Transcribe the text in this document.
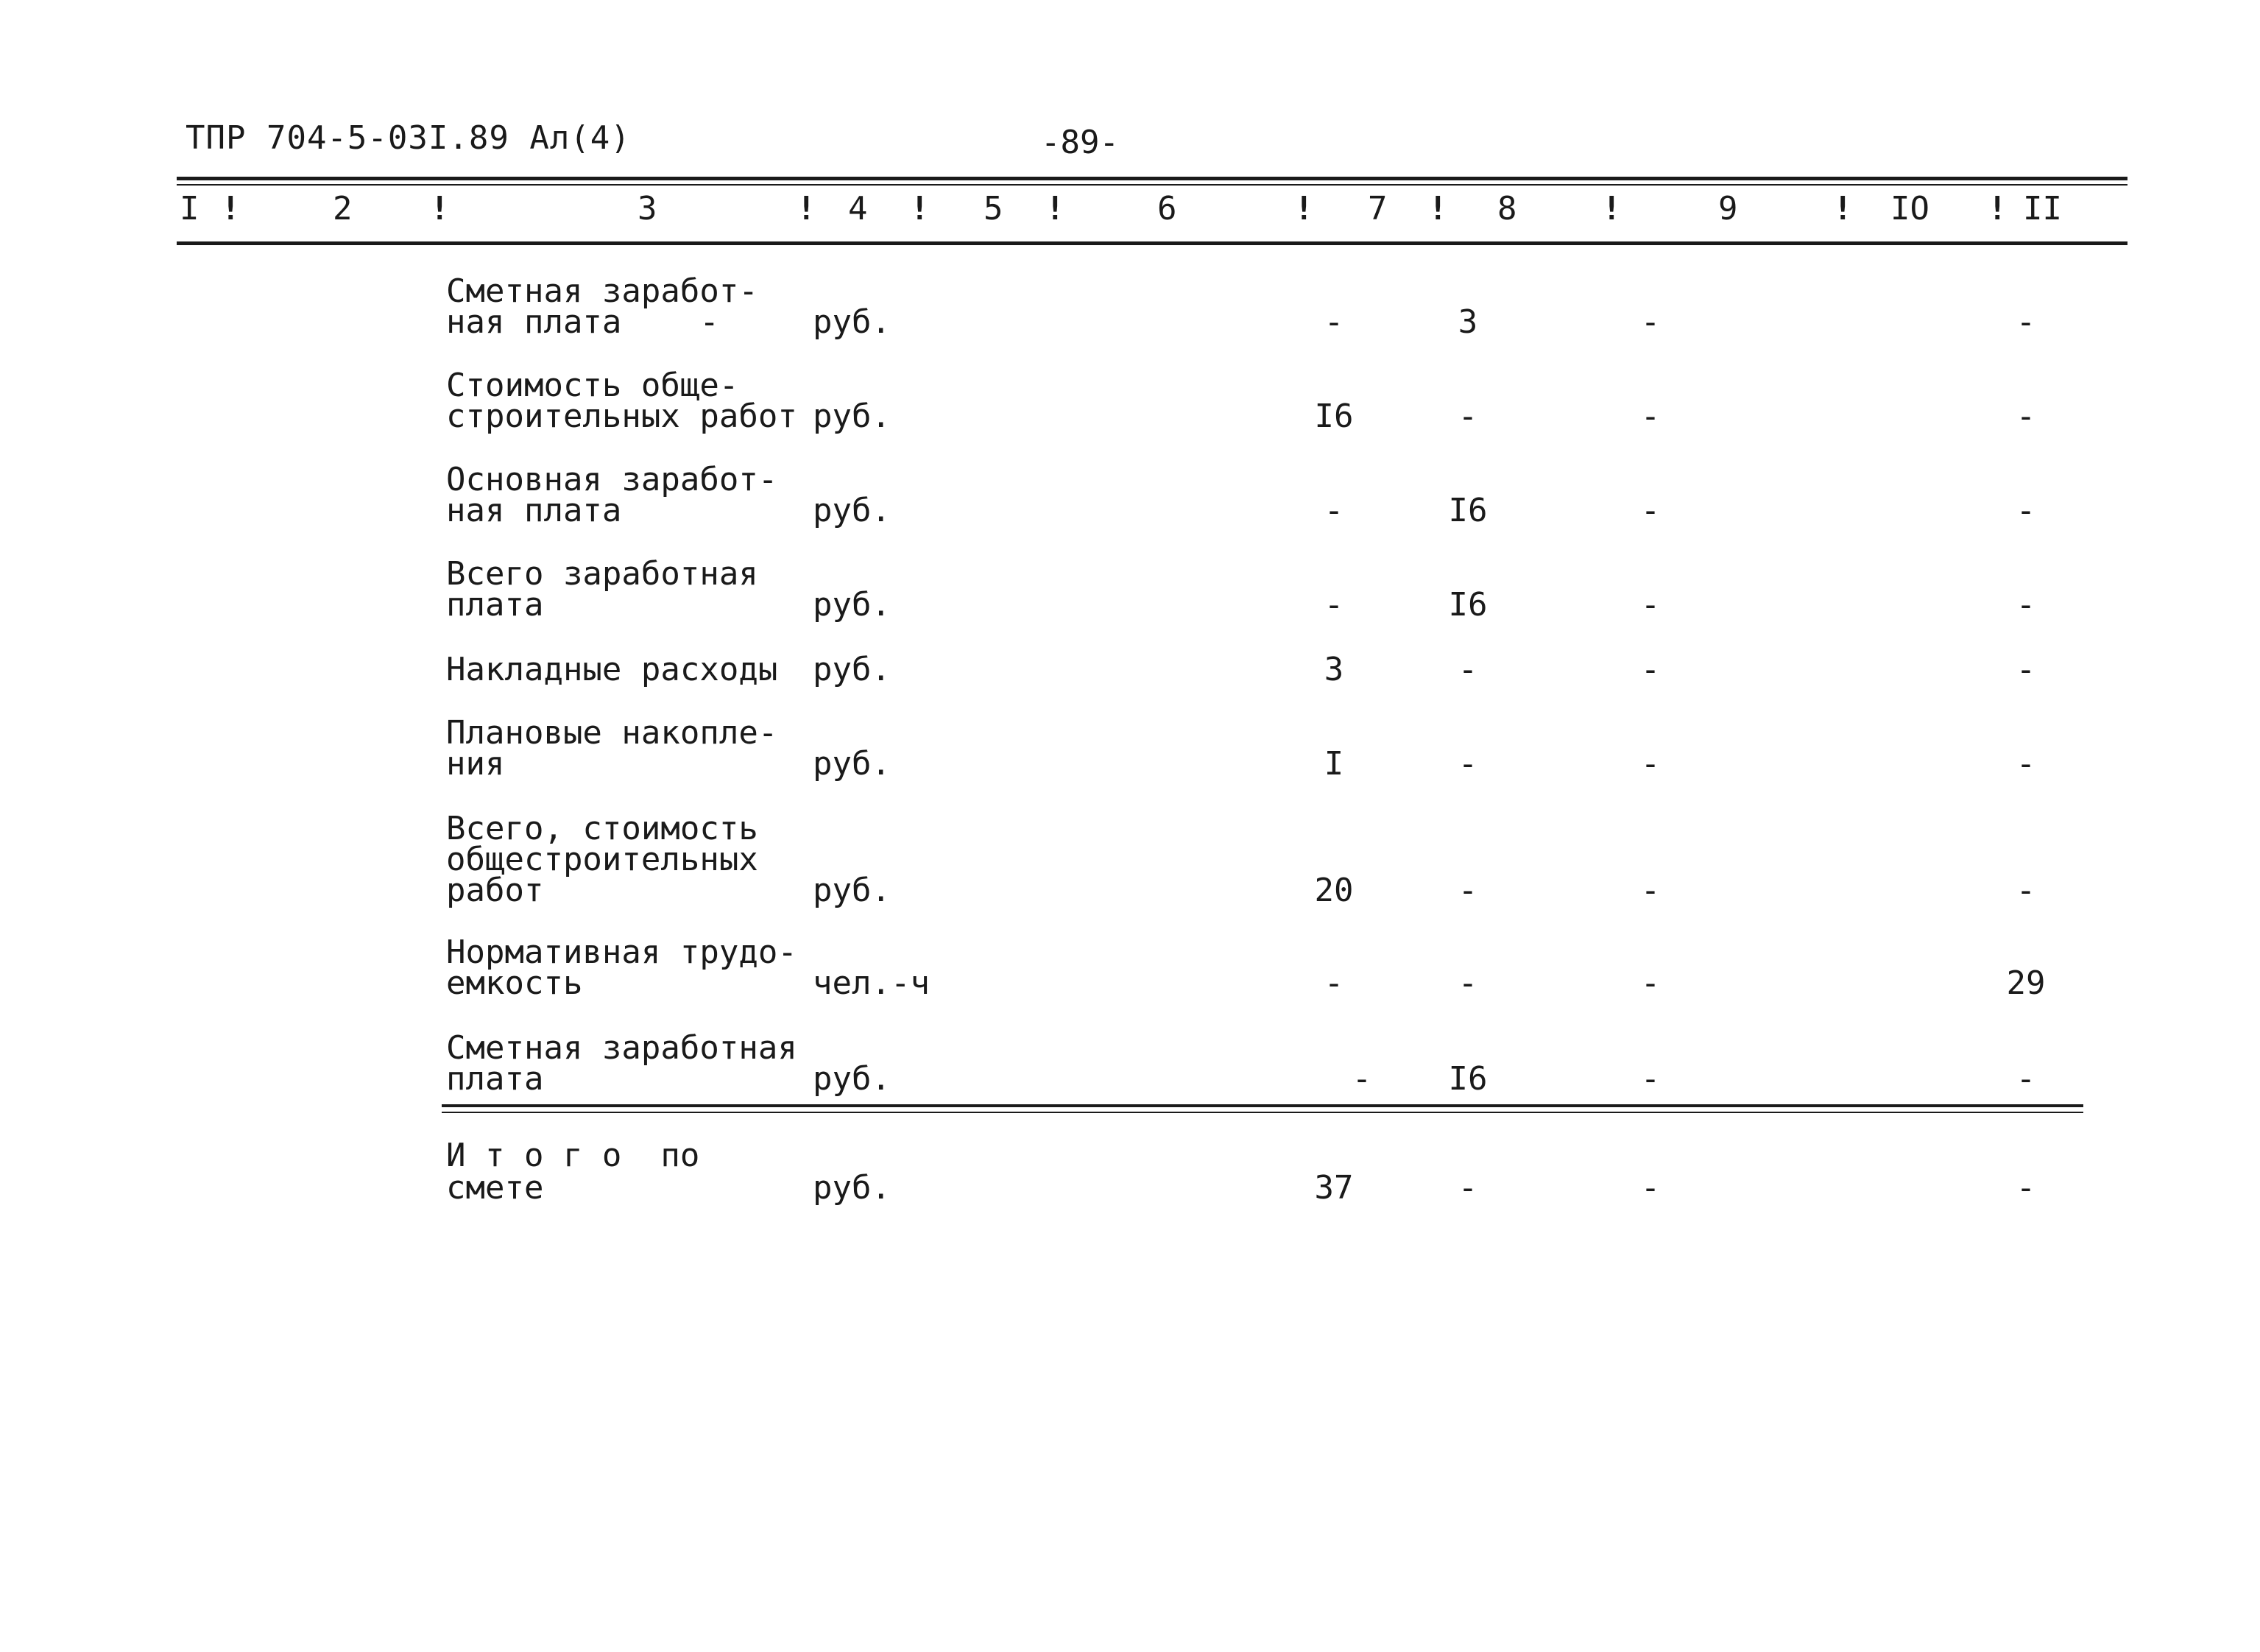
ТПР 704-5-03I.89 Ал(4)	-89-
I !	2 !	3	! 4 ! 5 !	6	! 7 ! 8	!	9	! IO ! II
Сметная заработ-
ная плата    -	руб.	-	3	-	-
Стоимость обще-
строительных работ руб.	I6	-	-	-
Основная заработ-
ная плата	руб.	-	I6	-	-
Всего заработная
плата	руб.	-	I6	-	-
Накладные расходы руб.	3	-	-	-
Плановые накопле-
ния	руб.	I	-	-	-
Всего, стоимость
общестроительных
работ	руб.	20	-	-	-
Нормативная трудо-
емкость	чел.-ч	-	-	-	29
Сметная заработная
плата	руб.	-	I6	-	-
И т о г о  по
смете	руб.	37	-	-	-
